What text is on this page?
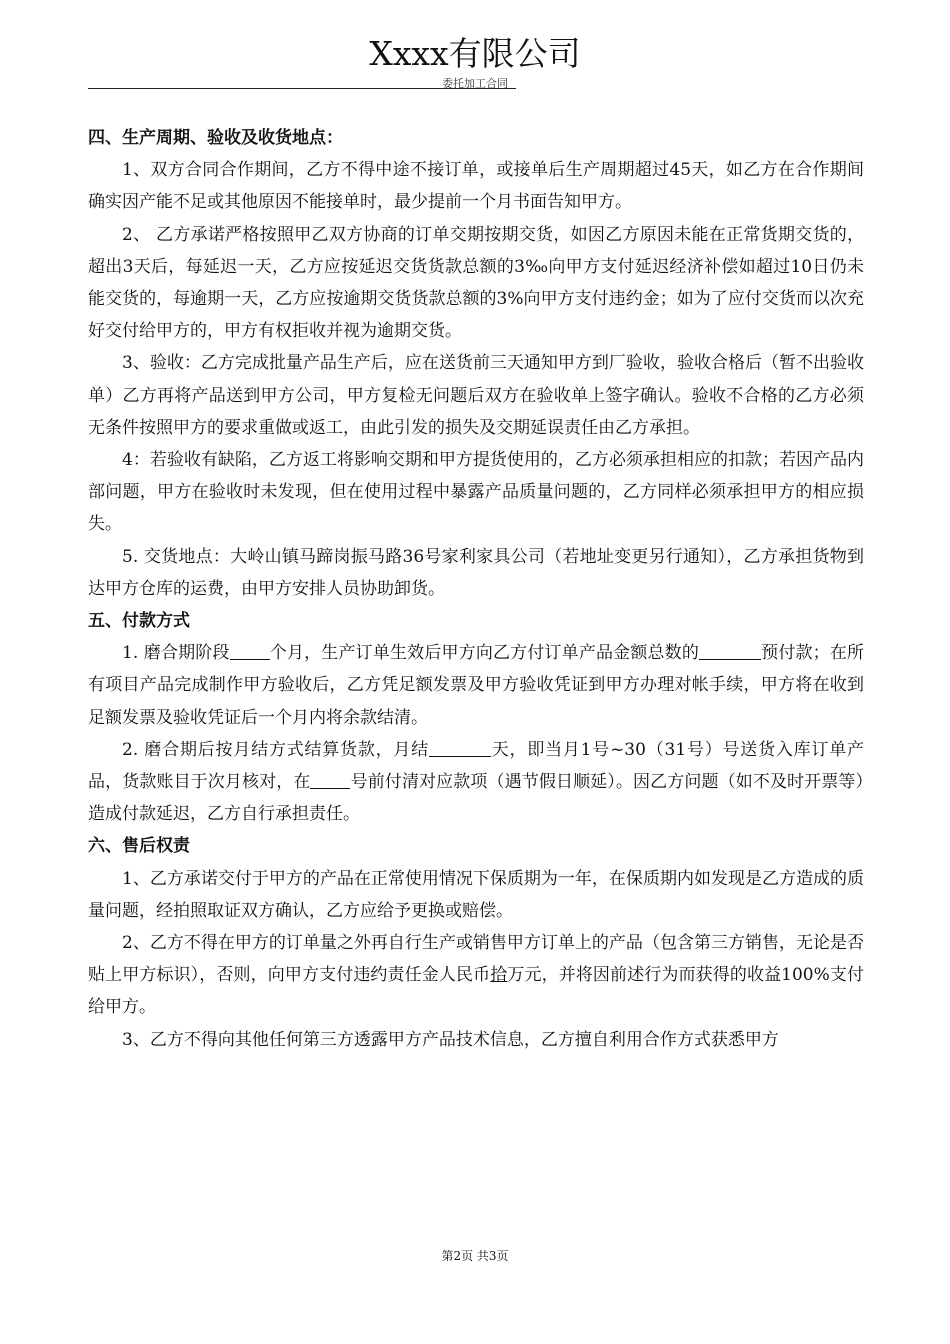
Xxxx有限公司
委托加工合同
四、生产周期、验收及收货地点：
1、双方合同合作期间，乙方不得中途不接订单，或接单后生产周期超过45天，如乙方在合作期间确实因产能不足或其他原因不能接单时，最少提前一个月书面告知甲方。
2、 乙方承诺严格按照甲乙双方协商的订单交期按期交货，如因乙方原因未能在正常货期交货的，超出3天后，每延迟一天，乙方应按延迟交货货款总额的3‰向甲方支付延迟经济补偿如超过10日仍未能交货的，每逾期一天，乙方应按逾期交货货款总额的3%向甲方支付违约金；如为了应付交货而以次充好交付给甲方的，甲方有权拒收并视为逾期交货。
3、验收：乙方完成批量产品生产后，应在送货前三天通知甲方到厂验收，验收合格后（暂不出验收单）乙方再将产品送到甲方公司，甲方复检无问题后双方在验收单上签字确认。验收不合格的乙方必须无条件按照甲方的要求重做或返工，由此引发的损失及交期延误责任由乙方承担。
4：若验收有缺陷，乙方返工将影响交期和甲方提货使用的，乙方必须承担相应的扣款；若因产品内部问题，甲方在验收时未发现，但在使用过程中暴露产品质量问题的，乙方同样必须承担甲方的相应损失。
5. 交货地点：大岭山镇马蹄岗振马路36号家利家具公司（若地址变更另行通知），乙方承担货物到达甲方仓库的运费，由甲方安排人员协助卸货。
五、付款方式
1. 磨合期阶段 个月，生产订单生效后甲方向乙方付订单产品金额总数的	预付款；在所有项目产品完成制作甲方验收后，乙方凭足额发票及甲方验收凭证到甲方办理对帐手续，甲方将在收到足额发票及验收凭证后一个月内将余款结清。
2. 磨合期后按月结方式结算货款，月结	天，即当月1号~30（31号）号送货入库订单产品，货款账目于次月核对，在 号前付清对应款项（遇节假日顺延）。因乙方问题（如不及时开票等）造成付款延迟，乙方自行承担责任。
六、售后权责
1、乙方承诺交付于甲方的产品在正常使用情况下保质期为一年，在保质期内如发现是乙方造成的质量问题，经拍照取证双方确认，乙方应给予更换或赔偿。
2、乙方不得在甲方的订单量之外再自行生产或销售甲方订单上的产品（包含第三方销售，无论是否贴上甲方标识），否则，向甲方支付违约责任金人民币拾万元，并将因前述行为而获得的收益100%支付给甲方。
3、乙方不得向其他任何第三方透露甲方产品技术信息，乙方擅自利用合作方式获悉甲方
第2页 共3页
